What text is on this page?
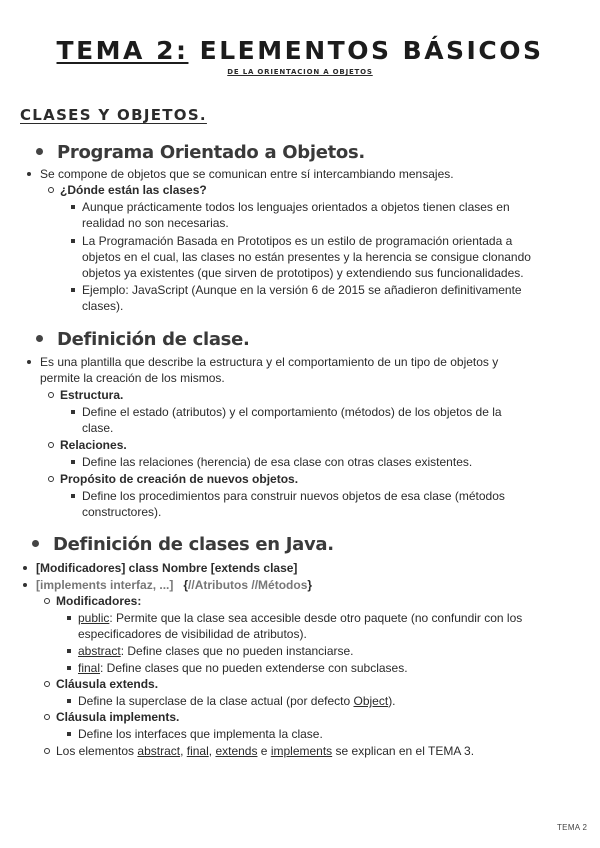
TEMA 2: ELEMENTOS BÁSICOS
DE LA ORIENTACION A OBJETOS
CLASES Y OBJETOS.
Programa Orientado a Objetos.
Se compone de objetos que se comunican entre sí intercambiando mensajes.
¿Dónde están las clases?
Aunque prácticamente todos los lenguajes orientados a objetos tienen clases en
realidad no son necesarias.
La Programación Basada en Prototipos es un estilo de programación orientada a
objetos en el cual, las clases no están presentes y la herencia se consigue clonando
objetos ya existentes (que sirven de prototipos) y extendiendo sus funcionalidades.
Ejemplo: JavaScript (Aunque en la versión 6 de 2015 se añadieron definitivamente
clases).
Definición de clase.
Es una plantilla que describe la estructura y el comportamiento de un tipo de objetos y
permite la creación de los mismos.
Estructura.
Define el estado (atributos) y el comportamiento (métodos) de los objetos de la
clase.
Relaciones.
Define las relaciones (herencia) de esa clase con otras clases existentes.
Propósito de creación de nuevos objetos.
Define los procedimientos para construir nuevos objetos de esa clase (métodos
constructores).
Definición de clases en Java.
[Modificadores] class Nombre [extends clase]
[implements interfaz, ...] {//Atributos //Métodos}
Modificadores:
public: Permite que la clase sea accesible desde otro paquete (no confundir con los
especificadores de visibilidad de atributos).
abstract: Define clases que no pueden instanciarse.
final: Define clases que no pueden extenderse con subclases.
Cláusula extends.
Define la superclase de la clase actual (por defecto Object).
Cláusula implements.
Define los interfaces que implementa la clase.
Los elementos abstract, final, extends e implements se explican en el TEMA 3.
TEMA 2
